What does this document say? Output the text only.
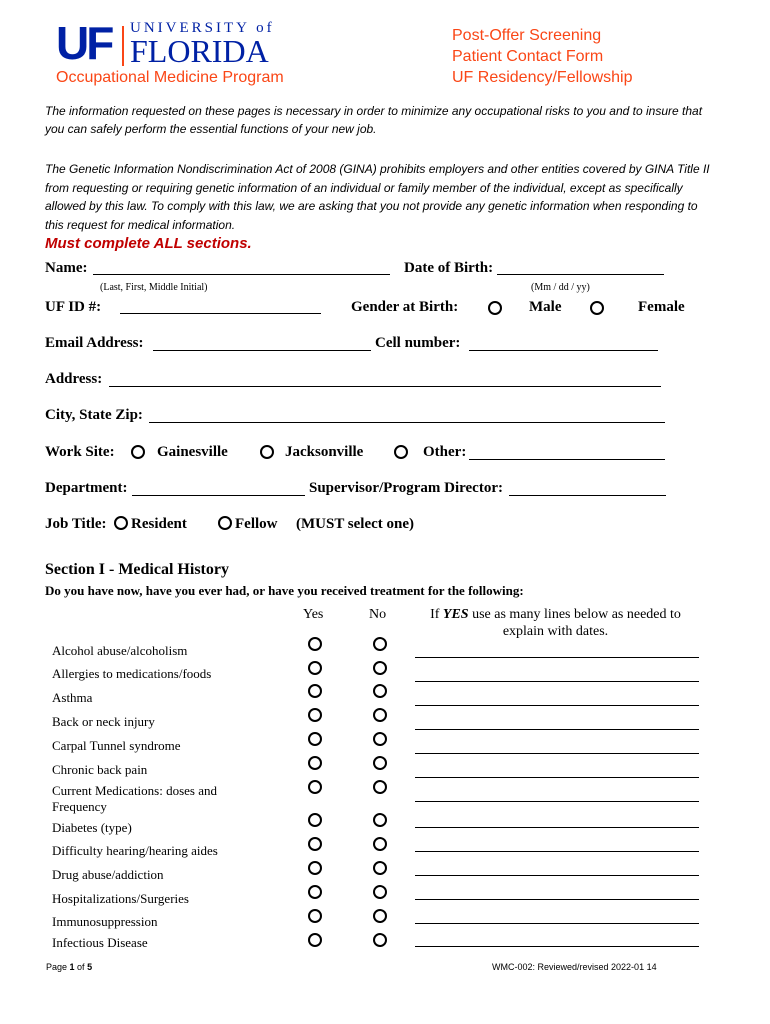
UF UNIVERSITY of
FLORIDA
Occupational Medicine Program
Post-Offer Screening
Patient Contact Form
UF Residency/Fellowship
The information requested on these pages is necessary in order to minimize any occupational risks to you and to insure that you can safely perform the essential functions of your new job.
The Genetic Information Nondiscrimination Act of 2008 (GINA) prohibits employers and other entities covered by GINA Title II from requesting or requiring genetic information of an individual or family member of the individual, except as specifically allowed by this law. To comply with this law, we are asking that you not provide any genetic information when responding to this request for medical information.
Must complete ALL sections.
Name:	Date of Birth:
(Last, First, Middle Initial)	(Mm / dd / yy)
UF ID #:	Gender at Birth:	Male	Female
Email Address:	Cell number:
Address:
City, State Zip:
Work Site:	Gainesville	Jacksonville	Other:
Department:	Supervisor/Program Director:
Job Title: Resident	Fellow (MUST select one)
Section I - Medical History
Do you have now, have you ever had, or have you received treatment for the following:
Yes	No	If YES use as many lines below as needed to explain with dates.
Alcohol abuse/alcoholism
Allergies to medications/foods
Asthma
Back or neck injury
Carpal Tunnel syndrome
Chronic back pain
Current Medications: doses and
Frequency
Diabetes (type)
Difficulty hearing/hearing aides
Drug abuse/addiction
Hospitalizations/Surgeries
Immunosuppression
Infectious Disease
Page 1 of 5	WMC-002: Reviewed/revised 2022-01 14
